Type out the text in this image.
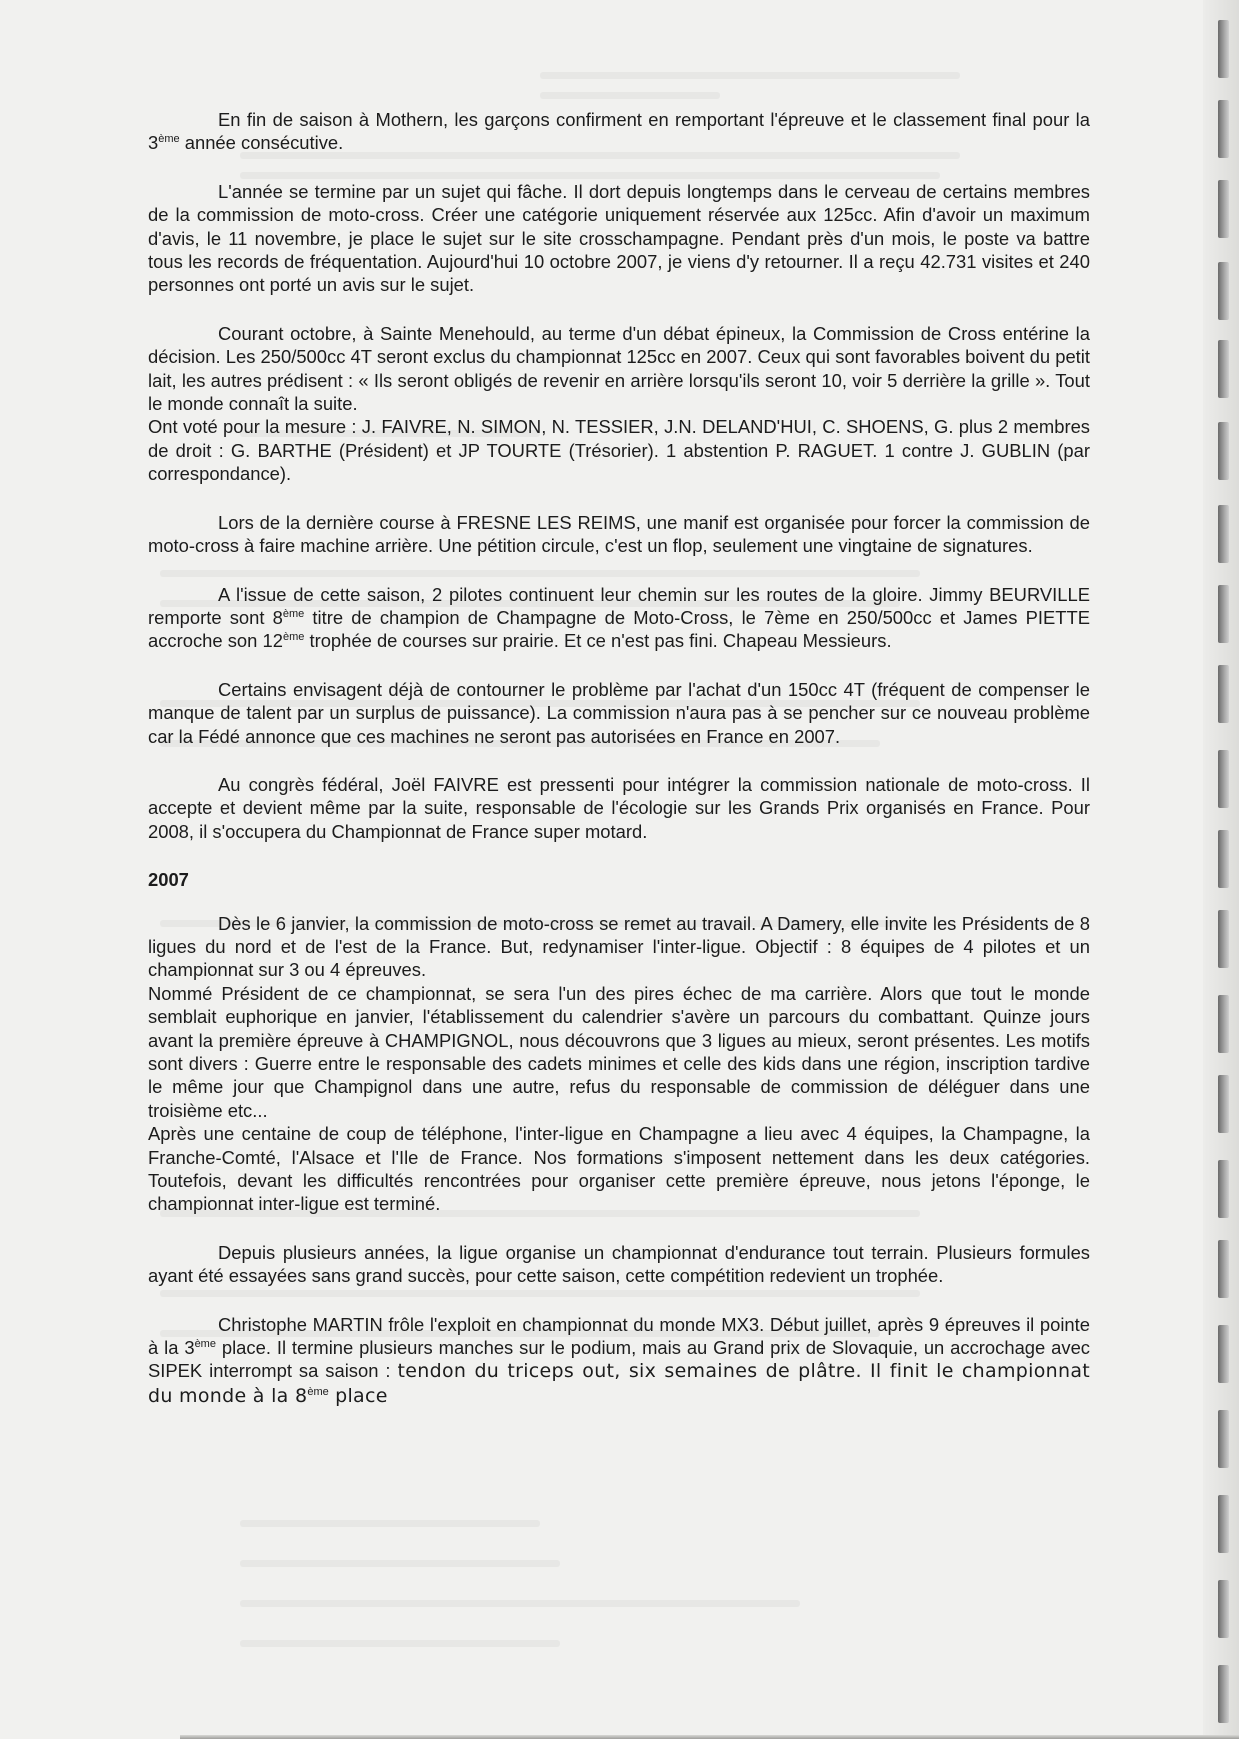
En fin de saison à Mothern, les garçons confirment en remportant l'épreuve et le classement final pour la 3ème année consécutive.

L'année se termine par un sujet qui fâche. Il dort depuis longtemps dans le cerveau de certains membres de la commission de moto-cross. Créer une catégorie uniquement réservée aux 125cc. Afin d'avoir un maximum d'avis, le 11 novembre, je place le sujet sur le site crosschampagne. Pendant près d'un mois, le poste va battre tous les records de fréquentation. Aujourd'hui 10 octobre 2007, je viens d'y retourner. Il a reçu 42.731 visites et 240 personnes ont porté un avis sur le sujet.

Courant octobre, à Sainte Menehould, au terme d'un débat épineux, la Commission de Cross entérine la décision. Les 250/500cc 4T seront exclus du championnat 125cc en 2007. Ceux qui sont favorables boivent du petit lait, les autres prédisent : « Ils seront obligés de revenir en arrière lorsqu'ils seront 10, voir 5 derrière la grille ». Tout le monde connaît la suite.

Ont voté pour la mesure : J. FAIVRE, N. SIMON, N. TESSIER, J.N. DELAND'HUI, C. SHOENS, G. plus 2 membres de droit : G. BARTHE (Président) et JP TOURTE (Trésorier). 1 abstention P. RAGUET. 1 contre J. GUBLIN (par correspondance).

Lors de la dernière course à FRESNE LES REIMS, une manif est organisée pour forcer la commission de moto-cross à faire machine arrière. Une pétition circule, c'est un flop, seulement une vingtaine de signatures.

A l'issue de cette saison, 2 pilotes continuent leur chemin sur les routes de la gloire. Jimmy BEURVILLE remporte sont 8ème titre de champion de Champagne de Moto-Cross, le 7ème en 250/500cc et James PIETTE accroche son 12ème trophée de courses sur prairie. Et ce n'est pas fini. Chapeau Messieurs.

Certains envisagent déjà de contourner le problème par l'achat d'un 150cc 4T (fréquent de compenser le manque de talent par un surplus de puissance). La commission n'aura pas à se pencher sur ce nouveau problème car la Fédé annonce que ces machines ne seront pas autorisées en France en 2007.

Au congrès fédéral, Joël FAIVRE est pressenti pour intégrer la commission nationale de moto-cross. Il accepte et devient même par la suite, responsable de l'écologie sur les Grands Prix organisés en France. Pour 2008, il s'occupera du Championnat de France super motard.

2007

Dès le 6 janvier, la commission de moto-cross se remet au travail. A Damery, elle invite les Présidents de 8 ligues du nord et de l'est de la France. But, redynamiser l'inter-ligue. Objectif : 8 équipes de 4 pilotes et un championnat sur 3 ou 4 épreuves.

Nommé Président de ce championnat, se sera l'un des pires échec de ma carrière. Alors que tout le monde semblait euphorique en janvier, l'établissement du calendrier s'avère un parcours du combattant. Quinze jours avant la première épreuve à CHAMPIGNOL, nous découvrons que 3 ligues au mieux, seront présentes. Les motifs sont divers : Guerre entre le responsable des cadets minimes et celle des kids dans une région, inscription tardive le même jour que Champignol dans une autre, refus du responsable de commission de déléguer dans une troisième etc...

Après une centaine de coup de téléphone, l'inter-ligue en Champagne a lieu avec 4 équipes, la Champagne, la Franche-Comté, l'Alsace et l'Ile de France. Nos formations s'imposent nettement dans les deux catégories. Toutefois, devant les difficultés rencontrées pour organiser cette première épreuve, nous jetons l'éponge, le championnat inter-ligue est terminé.

Depuis plusieurs années, la ligue organise un championnat d'endurance tout terrain. Plusieurs formules ayant été essayées sans grand succès, pour cette saison, cette compétition redevient un trophée.

Christophe MARTIN frôle l'exploit en championnat du monde MX3. Début juillet, après 9 épreuves il pointe à la 3ème place. Il termine plusieurs manches sur le podium, mais au Grand prix de Slovaquie, un accrochage avec SIPEK interrompt sa saison : tendon du triceps out, six semaines de plâtre. Il finit le championnat du monde à la 8ème place
